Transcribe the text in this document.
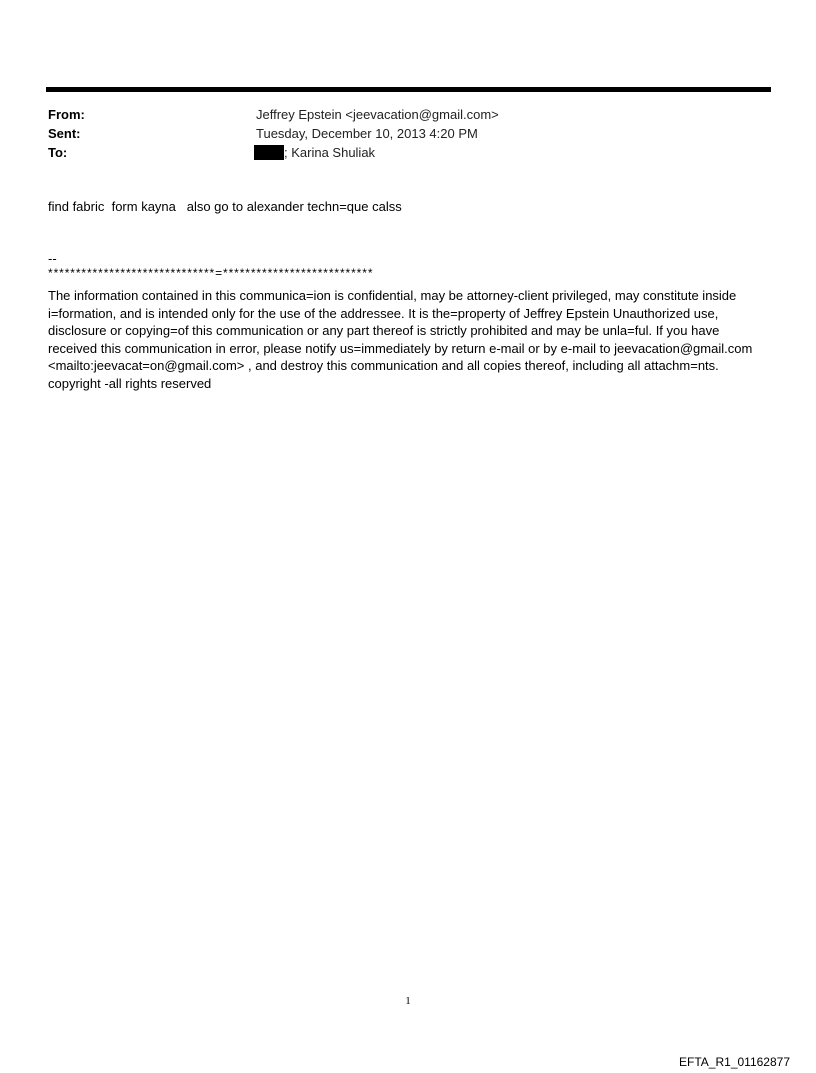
From:	Jeffrey Epstein <jeevacation@gmail.com>
Sent:	Tuesday, December 10, 2013 4:20 PM
To:	; Karina Shuliak
find fabric  form kayna   also go to alexander techn=que calss
--
******************************=***************************
The information contained in this communica=ion is confidential, may be attorney-client privileged, may constitute inside i=formation, and is intended only for the use of the addressee. It is the=property of Jeffrey Epstein Unauthorized use, disclosure or copying=of this communication or any part thereof is strictly prohibited and may be unla=ful. If you have received this communication in error, please notify us=immediately by return e-mail or by e-mail to jeevacation@gmail.com <mailto:jeevacat=on@gmail.com> , and destroy this communication and all copies thereof, including all attachm=nts. copyright -all rights reserved
1
EFTA_R1_01162877
